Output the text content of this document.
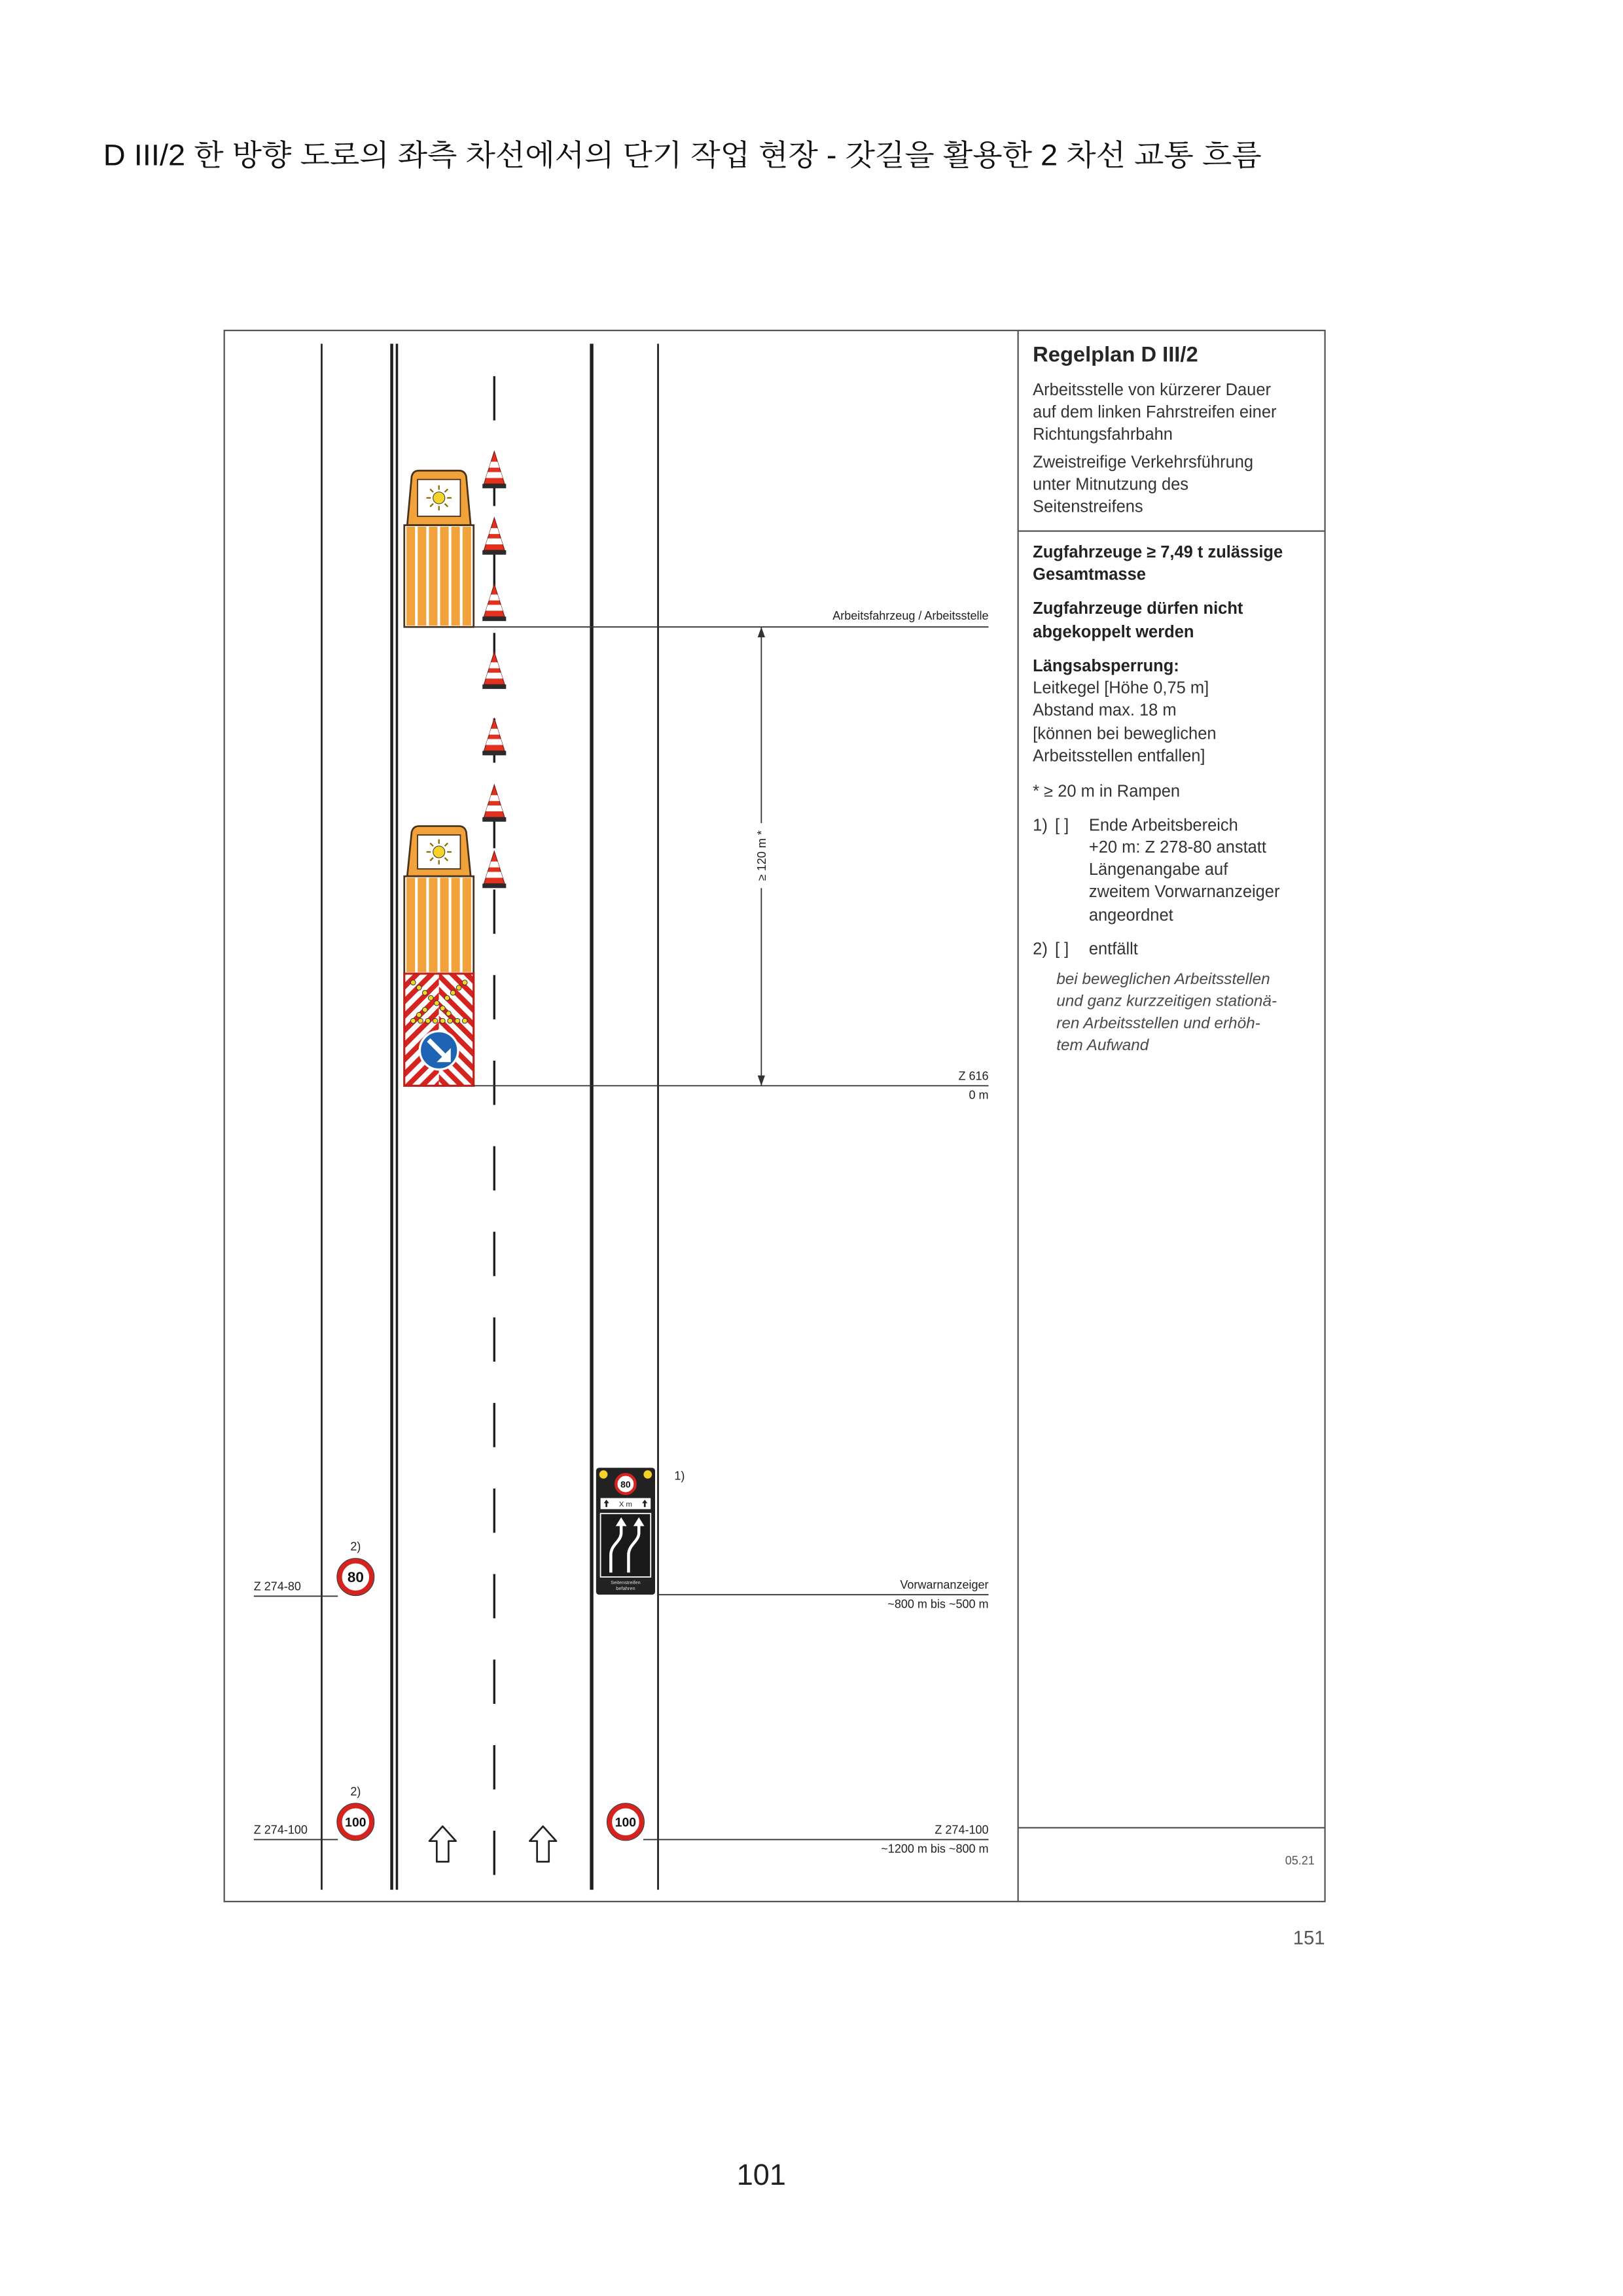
D III/2 한 방향 도로의 좌측 차선에서의 단기 작업 현장 - 갓길을 활용한 2 차선 교통 흐름
Arbeitsfahrzeug / Arbeitsstelle
≥ 120 m *
Z 616
0 m
80
X m
Seitenstreifen
befahren
1)
Vorwarnanzeiger
~800 m bis ~500 m
100	Z 274-100
~1200 m bis ~800 m
2)
80
Z 274-80
2)
100
Z 274-100
Regelplan D III/2
Arbeitsstelle von kürzerer Dauer
auf dem linken Fahrstreifen einer
Richtungsfahrbahn
Zweistreifige Verkehrsführung
unter Mitnutzung des
Seitenstreifens
Zugfahrzeuge ≥ 7,49 t zulässige
Gesamtmasse
Zugfahrzeuge dürfen nicht
abgekoppelt werden
Längsabsperrung:
Leitkegel [Höhe 0,75 m]
Abstand max. 18 m
[können bei beweglichen
Arbeitsstellen entfallen]
* ≥ 20 m in Rampen
1) [ ]	Ende Arbeitsbereich
+20 m: Z 278-80 anstatt
Längenangabe auf
zweitem Vorwarnanzeiger
angeordnet
2) [ ]	entfällt
bei beweglichen Arbeitsstellen
und ganz kurzzeitigen stationä-
ren Arbeitsstellen und erhöh-
tem Aufwand
05.21
151
101
